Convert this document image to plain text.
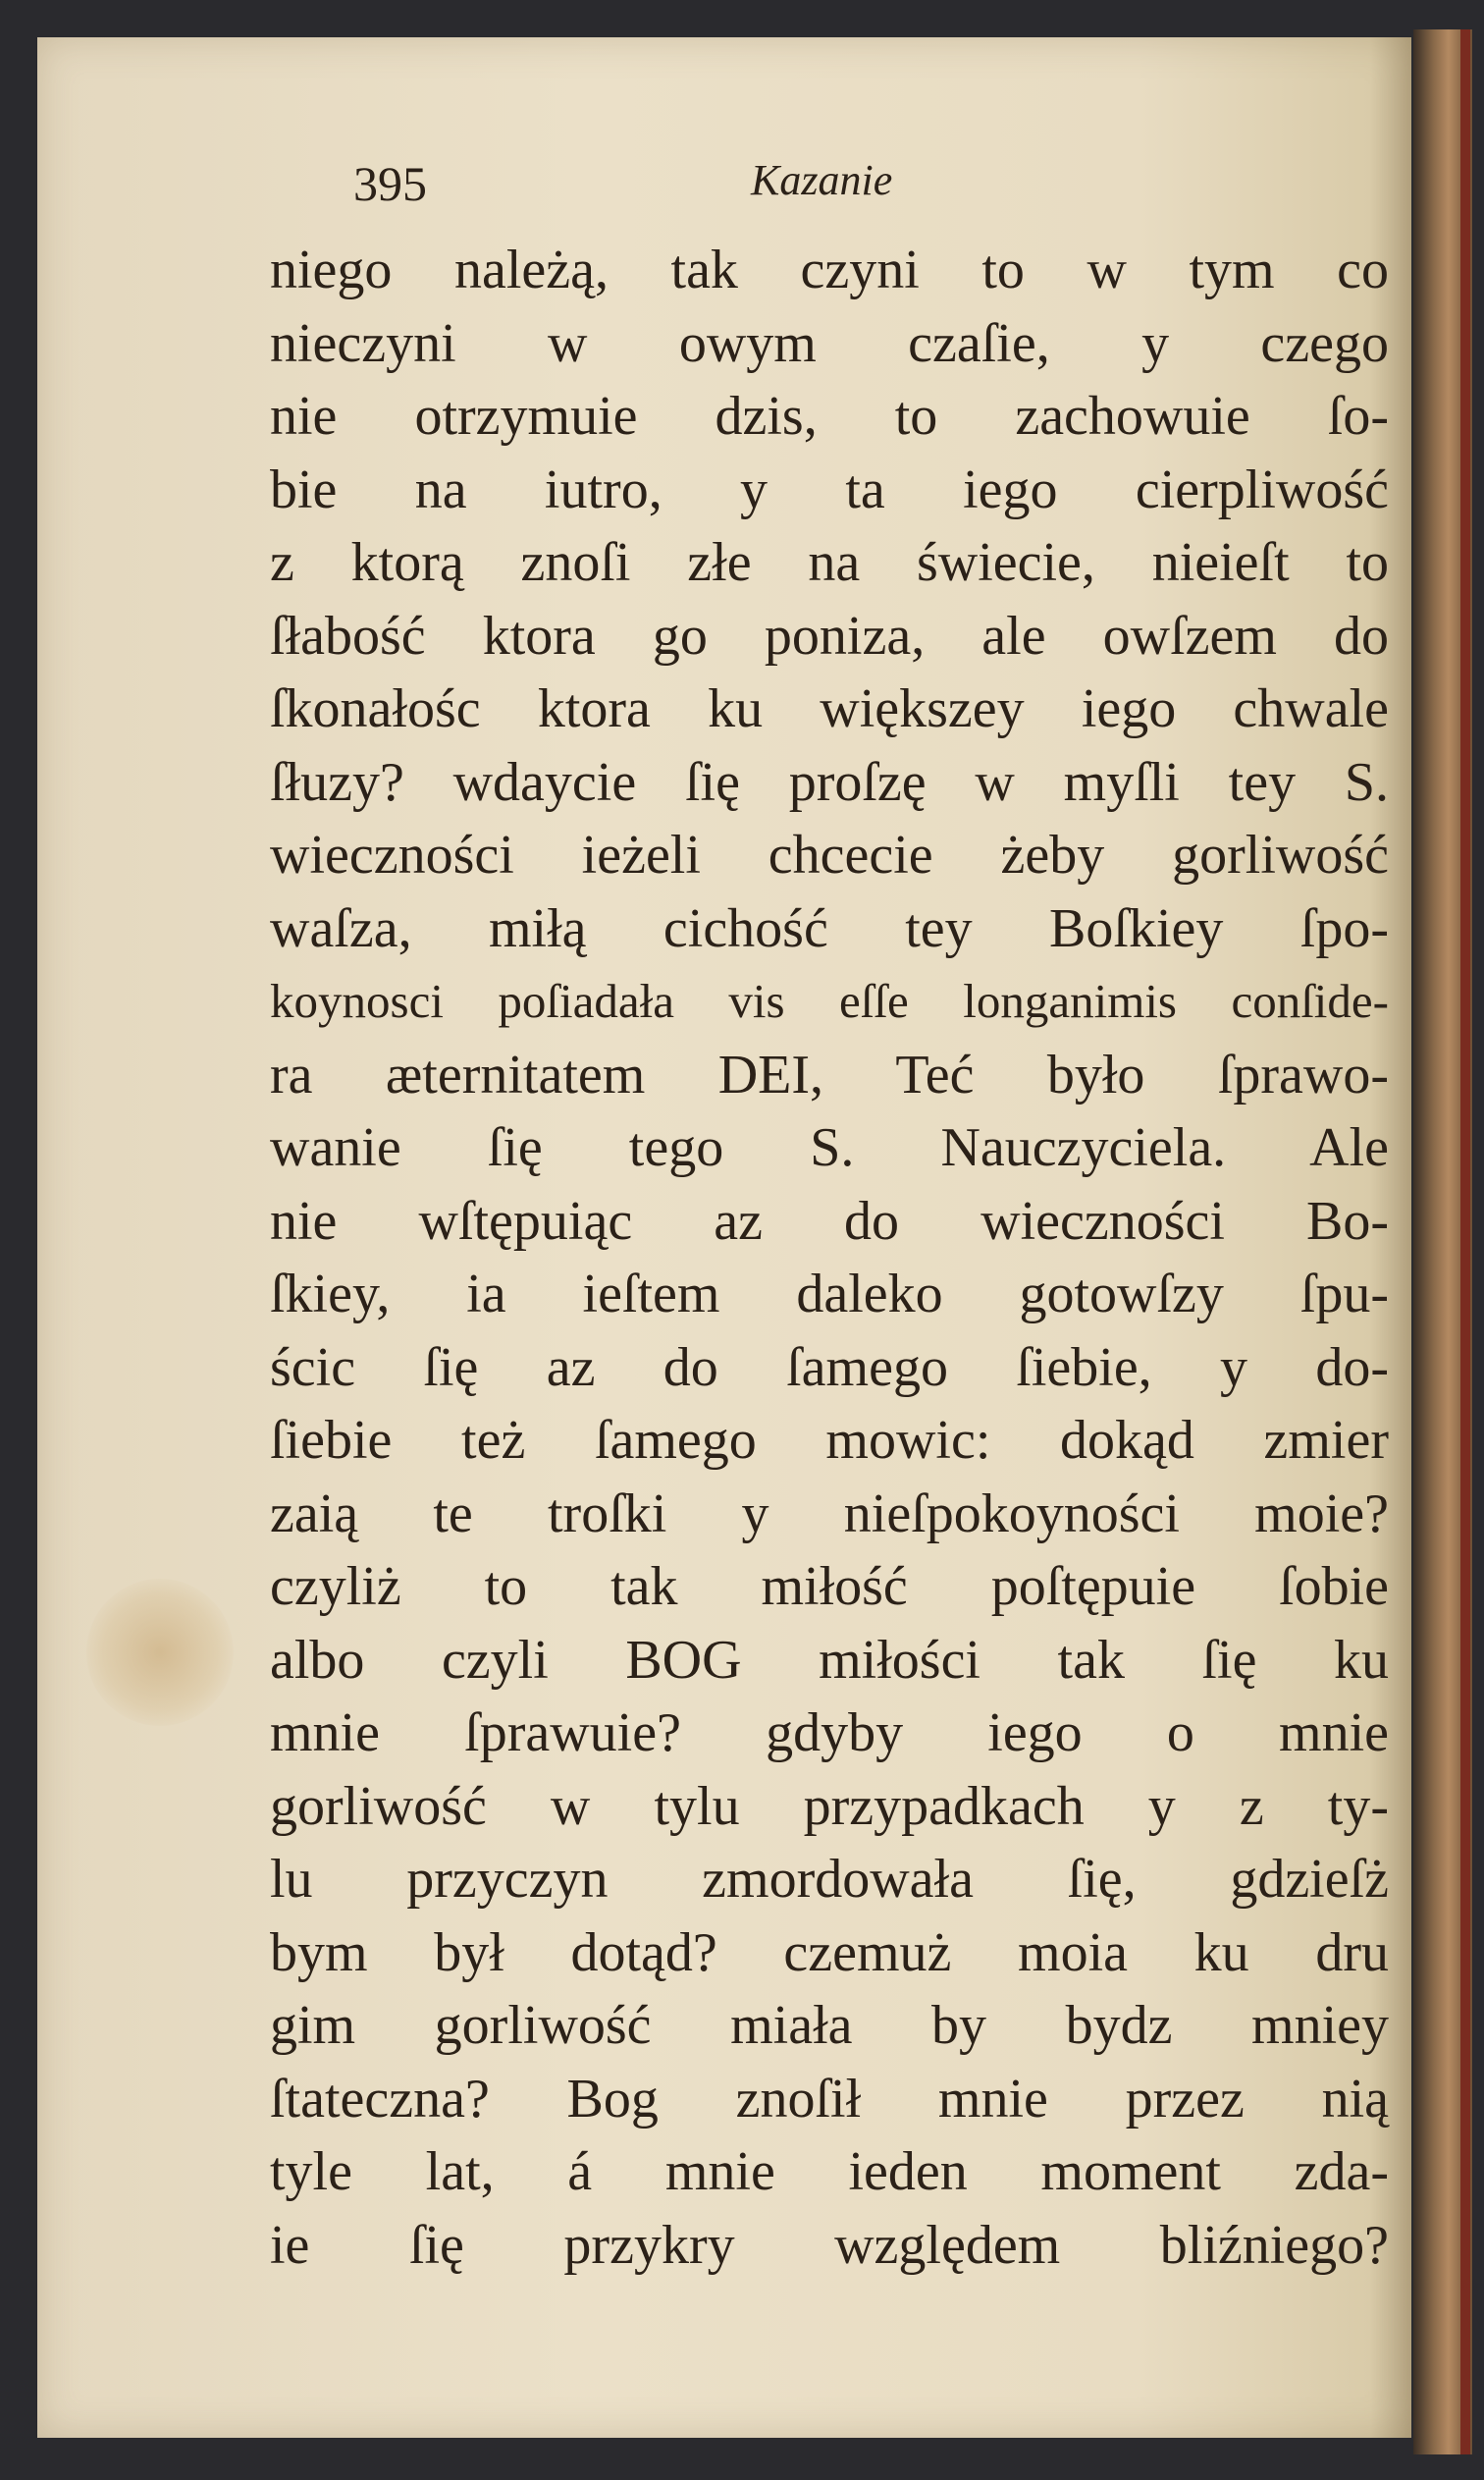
395	Kazanie
niego należą, tak czyni to w tym co
nieczyni w owym czaſie, y czego
nie otrzymuie dzis, to zachowuie ſo-
bie na iutro, y ta iego cierpliwość
z ktorą znoſi złe na świecie, nieieſt to
ſłabość ktora go poniza, ale owſzem do
ſkonałośc ktora ku większey iego chwale
ſłuzy? wdaycie ſię proſzę w myſli tey S.
wieczności ieżeli chcecie żeby gorliwość
waſza, miłą cichość tey Boſkiey ſpo-
koynosci poſiadała vis eſſe longanimis conſide-
ra æternitatem DEI, Teć było ſprawo-
wanie ſię tego S. Nauczyciela. Ale
nie wſtępuiąc az do wieczności Bo-
ſkiey, ia ieſtem daleko gotowſzy ſpu-
ścic ſię az do ſamego ſiebie, y do-
ſiebie też ſamego mowic: dokąd zmier
zaią te troſki y nieſpokoyności moie?
czyliż to tak miłość poſtępuie ſobie
albo czyli BOG miłości tak ſię ku
mnie ſprawuie? gdyby iego o mnie
gorliwość w tylu przypadkach y z ty-
lu przyczyn zmordowała ſię, gdzieſż
bym był dotąd? czemuż moia ku dru
gim gorliwość miała by bydz mniey
ſtateczna? Bog znoſił mnie przez nią
tyle lat, á mnie ieden moment zda-
ie ſię przykry względem bliźniego?
